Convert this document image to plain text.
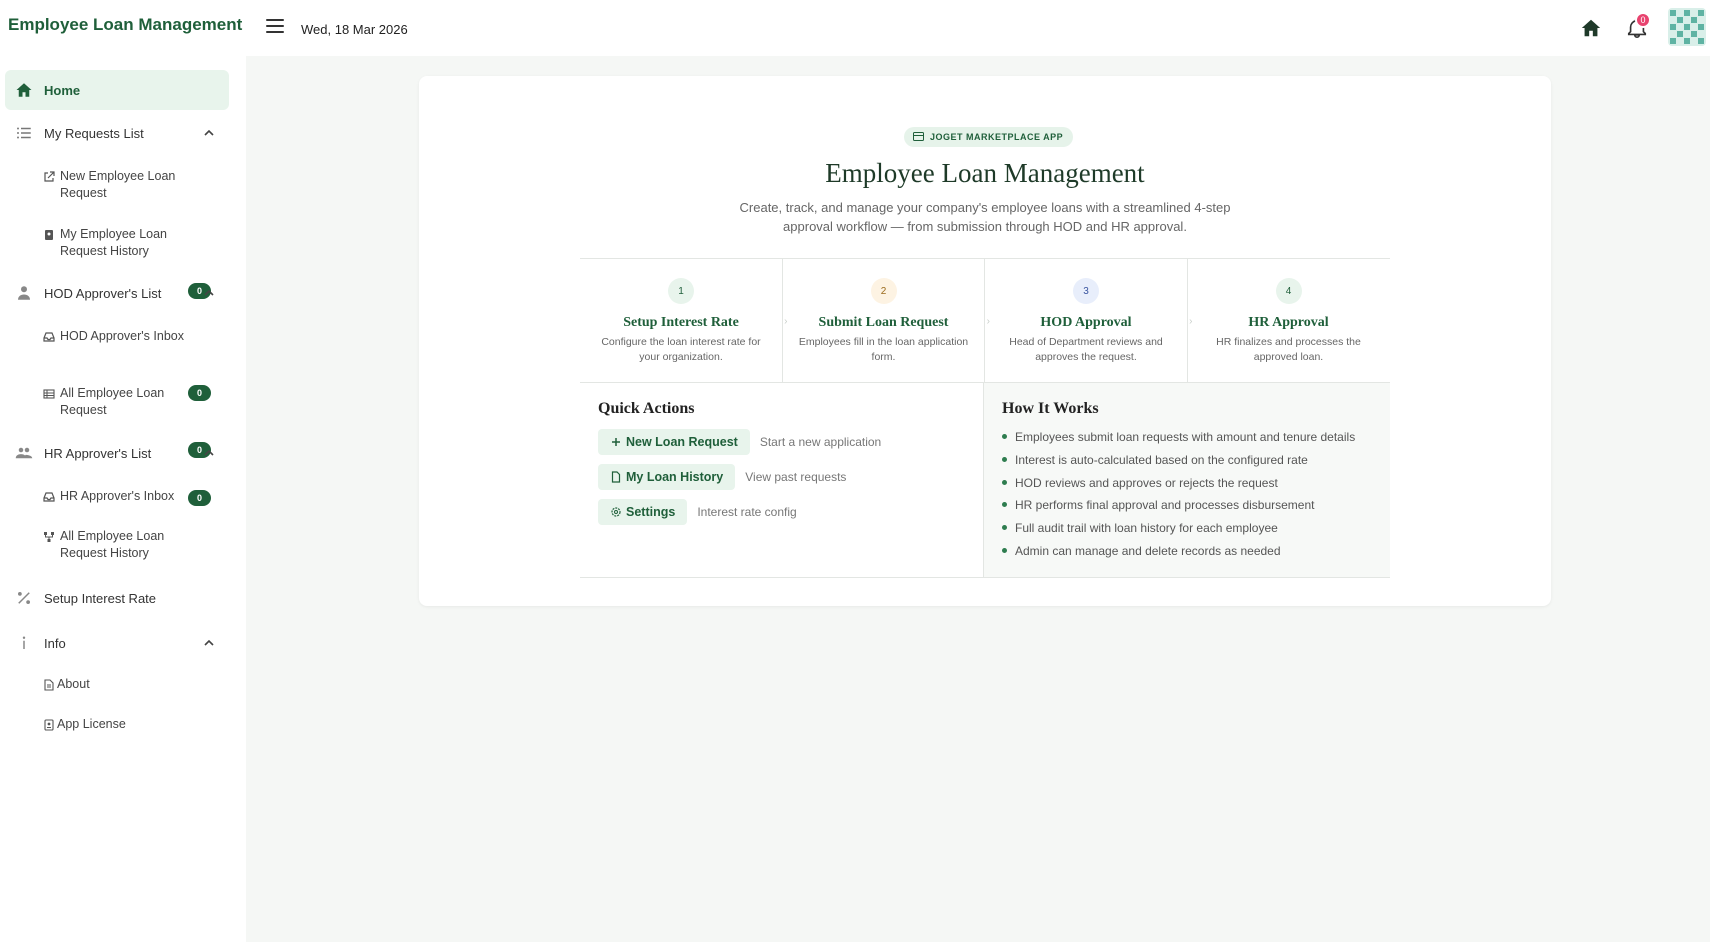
Employee Loan Management	Wed, 18 Mar 2026
0
Home
My Requests List
New Employee Loan Request
My Employee Loan Request History
0
HOD Approver's List
HOD Approver's Inbox
0
All Employee Loan Request
0
HR Approver's List
HR Approver's Inbox	0
All Employee Loan Request History
Setup Interest Rate
Info
About
App License
JOGET MARKETPLACE APP
Employee Loan Management
Create, track, and manage your company's employee loans with a streamlined 4-step approval workflow — from submission through HOD and HR approval.
1
Setup Interest Rate
Configure the loan interest rate for your organization.
›
2
Submit Loan Request
Employees fill in the loan application form.
›
3
HOD Approval
Head of Department reviews and approves the request.
›
4
HR Approval
HR finalizes and processes the approved loan.
Quick Actions
New Loan Request Start a new application
My Loan History View past requests
Settings Interest rate config
How It Works
Employees submit loan requests with amount and tenure details
Interest is auto-calculated based on the configured rate
HOD reviews and approves or rejects the request
HR performs final approval and processes disbursement
Full audit trail with loan history for each employee
Admin can manage and delete records as needed
